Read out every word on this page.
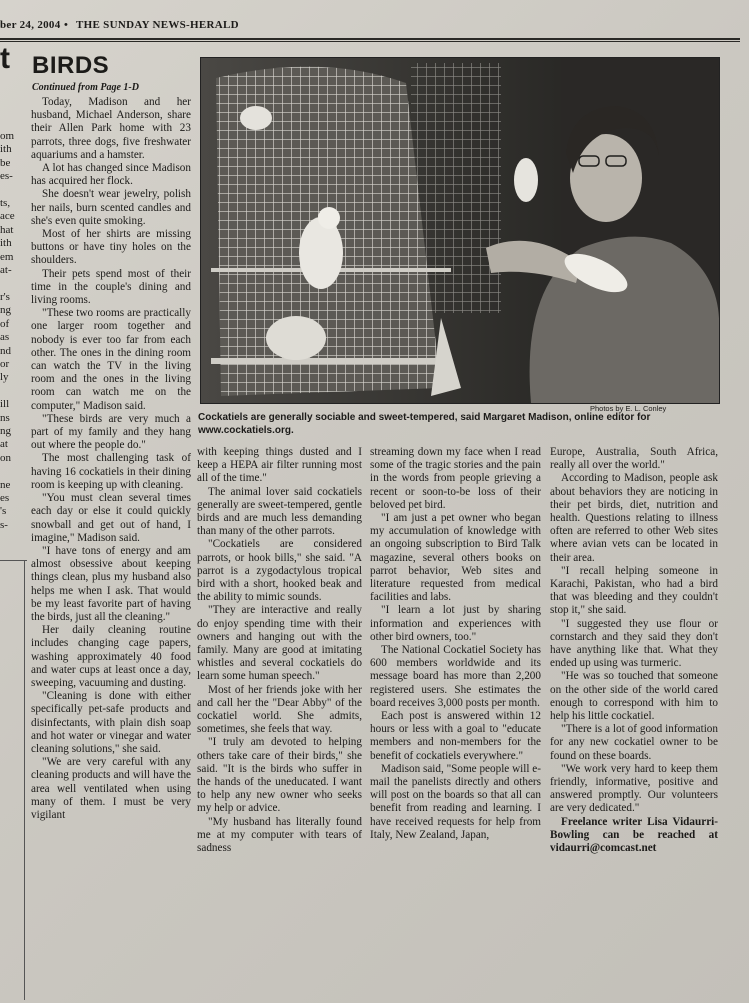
ber 24, 2004 • THE SUNDAY NEWS-HERALD
t BIRDS
Continued from Page 1-D
om
ith
be
es-

ts,
ace
hat
ith
em
at-

r's
ng
of
as
nd
or
ly

ill
ns
ng
at
on

ne
es
's
s-
Photos by E. L. Conley
Cockatiels are generally sociable and sweet-tempered, said Margaret Madison, online editor for www.cockatiels.org.

Today, Madison and her husband, Michael Anderson, share their Allen Park home with 23 parrots, three dogs, five freshwater aquariums and a hamster.

A lot has changed since Madison has acquired her flock.

She doesn't wear jewelry, polish her nails, burn scented candles and she's even quite smoking.

Most of her shirts are missing buttons or have tiny holes on the shoulders.

Their pets spend most of their time in the couple's dining and living rooms.

"These two rooms are practically one larger room together and nobody is ever too far from each other. The ones in the dining room can watch the TV in the living room and the ones in the living room can watch me on the computer," Madison said.

"These birds are very much a part of my family and they hang out where the people do."

The most challenging task of having 16 cockatiels in their dining room is keeping up with cleaning.

"You must clean several times each day or else it could quickly snowball and get out of hand, I imagine," Madison said.

"I have tons of energy and am almost obsessive about keeping things clean, plus my husband also helps me when I ask. That would be my least favorite part of having the birds, just all the cleaning."

Her daily cleaning routine includes changing cage papers, washing approximately 40 food and water cups at least once a day, sweeping, vacuuming and dusting.

"Cleaning is done with either specifically pet-safe products and disinfectants, with plain dish soap and hot water or vinegar and water cleaning solutions," she said.

"We are very careful with any cleaning products and will have the area well ventilated when using many of them. I must be very vigilant

with keeping things dusted and I keep a HEPA air filter running most all of the time."

The animal lover said cockatiels generally are sweet-tempered, gentle birds and are much less demanding than many of the other parrots.

"Cockatiels are considered parrots, or hook bills," she said. "A parrot is a zygodactylous tropical bird with a short, hooked beak and the ability to mimic sounds.

"They are interactive and really do enjoy spending time with their owners and hanging out with the family. Many are good at imitating whistles and several cockatiels do learn some human speech."

Most of her friends joke with her and call her the "Dear Abby" of the cockatiel world. She admits, sometimes, she feels that way.

"I truly am devoted to helping others take care of their birds," she said. "It is the birds who suffer in the hands of the uneducated. I want to help any new owner who seeks my help or advice.

"My husband has literally found me at my computer with tears of sadness

streaming down my face when I read some of the tragic stories and the pain in the words from people grieving a recent or soon-to-be loss of their beloved pet bird.

"I am just a pet owner who began my accumulation of knowledge with an ongoing subscription to Bird Talk magazine, several others books on parrot behavior, Web sites and literature requested from medical facilities and labs.

"I learn a lot just by sharing information and experiences with other bird owners, too."

The National Cockatiel Society has 600 members worldwide and its message board has more than 2,200 registered users. She estimates the board receives 3,000 posts per month.

Each post is answered within 12 hours or less with a goal to "educate members and non-members for the benefit of cockatiels everywhere."

Madison said, "Some people will e-mail the panelists directly and others will post on the boards so that all can benefit from reading and learning. I have received requests for help from Italy, New Zealand, Japan,

Europe, Australia, South Africa, really all over the world."

According to Madison, people ask about behaviors they are noticing in their pet birds, diet, nutrition and health. Questions relating to illness often are referred to other Web sites where avian vets can be located in their area.

"I recall helping someone in Karachi, Pakistan, who had a bird that was bleeding and they couldn't stop it," she said.

"I suggested they use flour or cornstarch and they said they don't have anything like that. What they ended up using was turmeric.

"He was so touched that someone on the other side of the world cared enough to correspond with him to help his little cockatiel.

"There is a lot of good information for any new cockatiel owner to be found on these boards.

"We work very hard to keep them friendly, informative, positive and answered promptly. Our volunteers are very dedicated."

Freelance writer Lisa Vidaurri-Bowling can be reached at vidaurri@comcast.net
